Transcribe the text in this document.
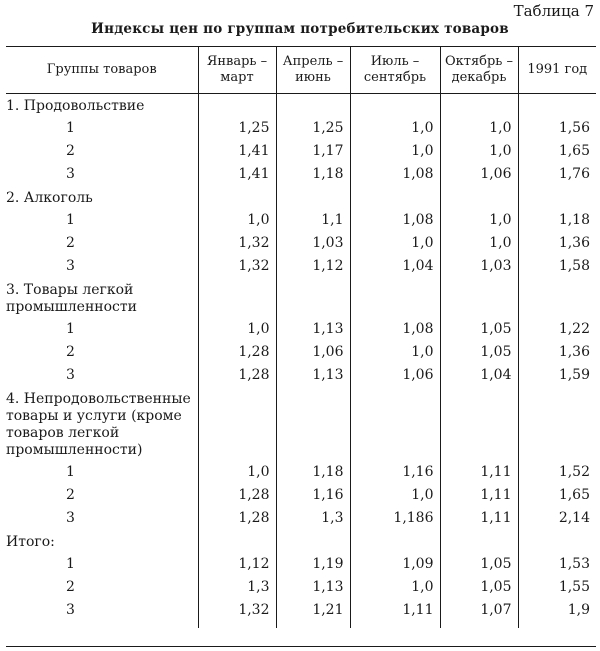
Таблица 7
Индексы цен по группам потребительских товаров
Группы товаров	Январь – март	Апрель – июнь	Июль – сентябрь	Октябрь – декабрь	1991 год
1. Продовольствие					
1	1,25	1,25	1,0	1,0	1,56
2	1,41	1,17	1,0	1,0	1,65
3	1,41	1,18	1,08	1,06	1,76
2. Алкоголь					
1	1,0	1,1	1,08	1,0	1,18
2	1,32	1,03	1,0	1,0	1,36
3	1,32	1,12	1,04	1,03	1,58
3. Товары легкой промышленности					
1	1,0	1,13	1,08	1,05	1,22
2	1,28	1,06	1,0	1,05	1,36
3	1,28	1,13	1,06	1,04	1,59
4. Непродовольственные товары и услуги (кроме товаров легкой промышленности)					
1	1,0	1,18	1,16	1,11	1,52
2	1,28	1,16	1,0	1,11	1,65
3	1,28	1,3	1,186	1,11	2,14
Итого:					
1	1,12	1,19	1,09	1,05	1,53
2	1,3	1,13	1,0	1,05	1,55
3	1,32	1,21	1,11	1,07	1,9
